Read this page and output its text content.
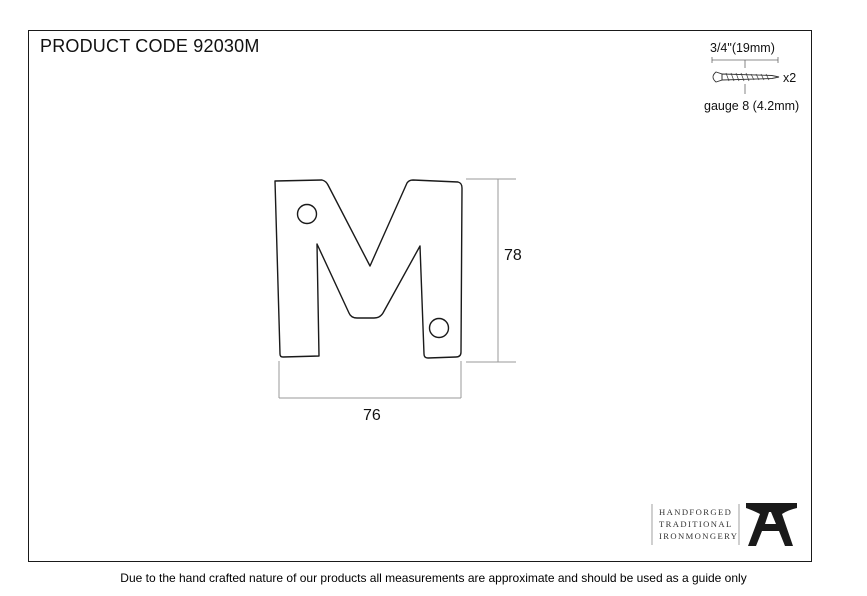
PRODUCT CODE 92030M
78
76
3/4"(19mm)
x2
gauge 8 (4.2mm)
HANDFORGED
TRADITIONAL
IRONMONGERY
Due to the hand crafted nature of our products all measurements are approximate and should be used as a guide only
